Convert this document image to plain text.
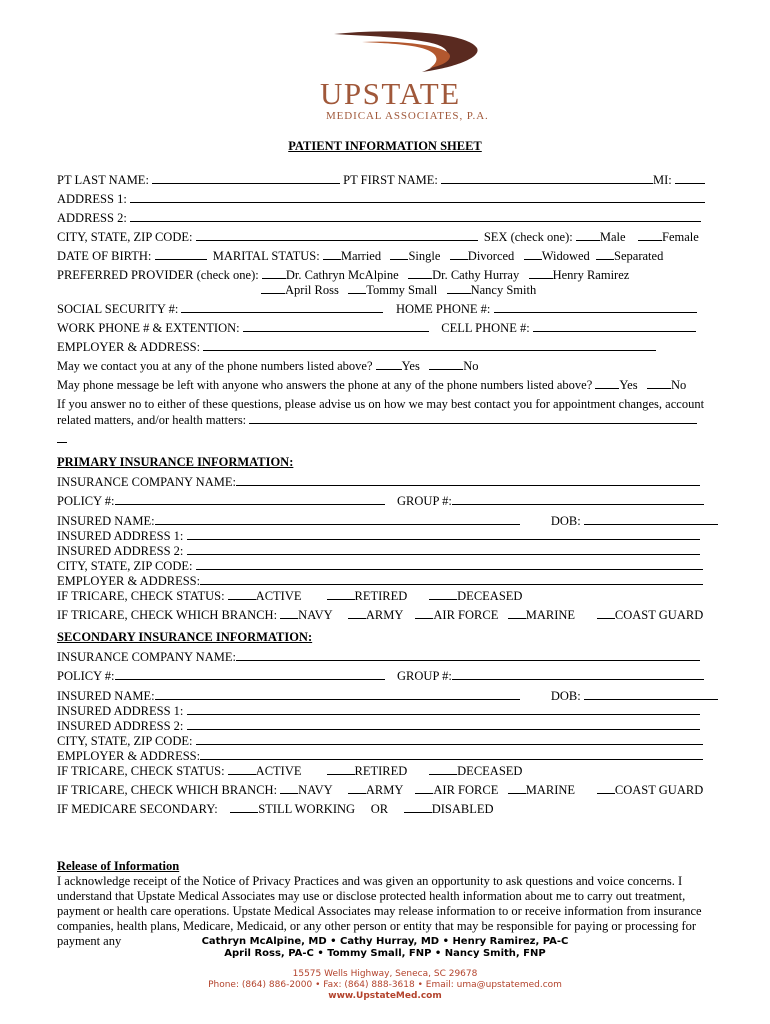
UPSTATE
MEDICAL ASSOCIATES, P.A.
PATIENT INFORMATION SHEET
PT LAST NAME:	PT FIRST NAME:	MI:
ADDRESS 1:
ADDRESS 2:
CITY, STATE, ZIP CODE:	SEX (check one): Male	Female
DATE OF BIRTH:	MARITAL STATUS: Married Single Divorced Widowed Separated
PREFERRED PROVIDER (check one): Dr. Cathryn McAlpine	Dr. Cathy Hurray	Henry Ramirez
April Ross Tommy Small	Nancy Smith
SOCIAL SECURITY #:	HOME PHONE #:
WORK PHONE # & EXTENTION:	CELL PHONE #:
EMPLOYER & ADDRESS:
May we contact you at any of the phone numbers listed above? Yes	No
May phone message be left with anyone who answers the phone at any of the phone numbers listed above? Yes	No
If you answer no to either of these questions, please advise us on how we may best contact you for appointment changes, account
related matters, and/or health matters:
PRIMARY INSURANCE INFORMATION:
INSURANCE COMPANY NAME:
POLICY #:	GROUP #:
INSURED NAME:	DOB:
INSURED ADDRESS 1:
INSURED ADDRESS 2:
CITY, STATE, ZIP CODE:
EMPLOYER & ADDRESS:
IF TRICARE, CHECK STATUS: ACTIVE	RETIRED	DECEASED
IF TRICARE, CHECK WHICH BRANCH: NAVY	ARMY AIR FORCE MARINE	COAST GUARD
SECONDARY INSURANCE INFORMATION:
INSURANCE COMPANY NAME:
POLICY #:	GROUP #:
INSURED NAME:	DOB:
INSURED ADDRESS 1:
INSURED ADDRESS 2:
CITY, STATE, ZIP CODE:
EMPLOYER & ADDRESS:
IF TRICARE, CHECK STATUS: ACTIVE	RETIRED	DECEASED
IF TRICARE, CHECK WHICH BRANCH: NAVY	ARMY AIR FORCE MARINE	COAST GUARD
IF MEDICARE SECONDARY:	STILL WORKING OR	DISABLED
Release of Information
I acknowledge receipt of the Notice of Privacy Practices and was given an opportunity to ask questions and voice concerns. I understand that Upstate Medical Associates may use or disclose protected health information about me to carry out treatment, payment or health care operations. Upstate Medical Associates may release information to or receive information from insurance companies, health plans, Medicare, Medicaid, or any other person or entity that may be responsible for paying or processing for payment any	Cathryn McAlpine, MD • Cathy Hurray, MD • Henry Ramirez, PA-C
April Ross, PA-C • Tommy Small, FNP • Nancy Smith, FNP
15575 Wells Highway, Seneca, SC 29678
Phone: (864) 886-2000 • Fax: (864) 888-3618 • Email: uma@upstatemed.com
www.UpstateMed.com
